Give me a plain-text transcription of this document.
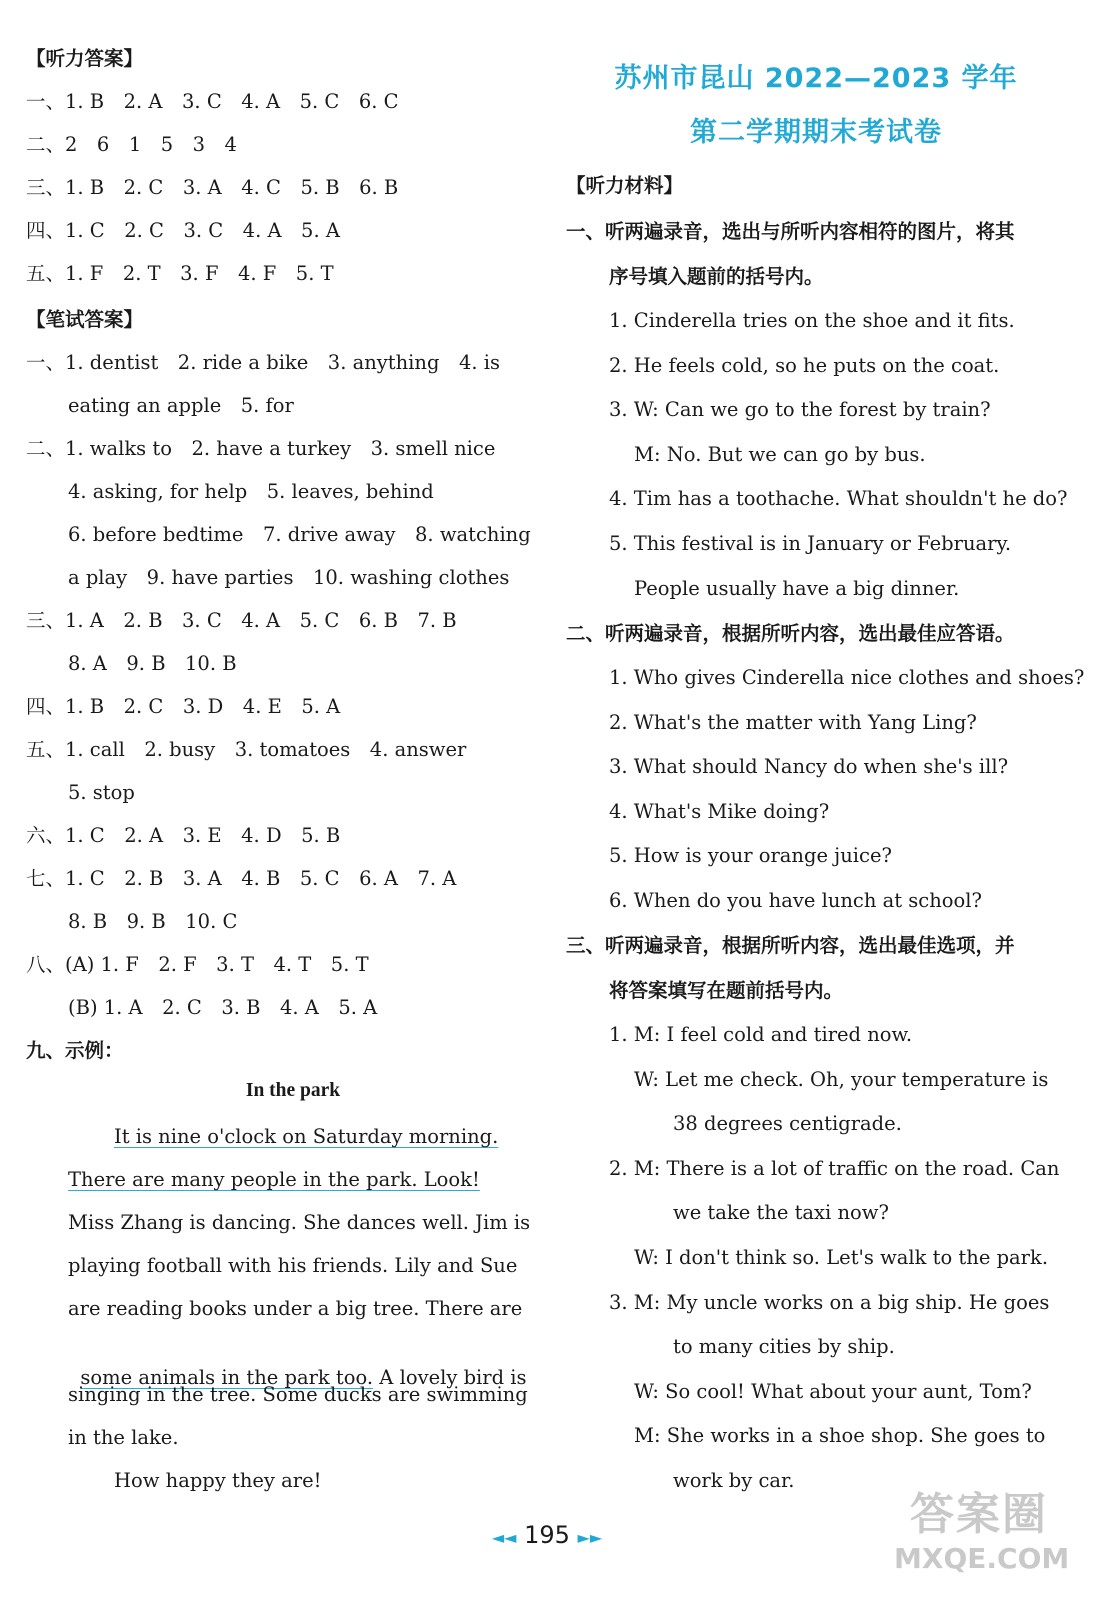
【听力答案】
一、1. B　2. A　3. C　4. A　5. C　6. C
二、2　6　1　5　3　4
三、1. B　2. C　3. A　4. C　5. B　6. B
四、1. C　2. C　3. C　4. A　5. A
五、1. F　2. T　3. F　4. F　5. T
【笔试答案】
一、1. dentist　2. ride a bike　3. anything　4. is
eating an apple　5. for
二、1. walks to　2. have a turkey　3. smell nice
4. asking, for help　5. leaves, behind
6. before bedtime　7. drive away　8. watching
a play　9. have parties　10. washing clothes
三、1. A　2. B　3. C　4. A　5. C　6. B　7. B
8. A　9. B　10. B
四、1. B　2. C　3. D　4. E　5. A
五、1. call　2. busy　3. tomatoes　4. answer
5. stop
六、1. C　2. A　3. E　4. D　5. B
七、1. C　2. B　3. A　4. B　5. C　6. A　7. A
8. B　9. B　10. C
八、(A) 1. F　2. F　3. T　4. T　5. T
(B) 1. A　2. C　3. B　4. A　5. A
九、示例：
In the park
It is nine o'clock on Saturday morning.
There are many people in the park. Look!
Miss Zhang is dancing. She dances well. Jim is
playing football with his friends. Lily and Sue
are reading books under a big tree. There are

some animals in the park too. A lovely bird is

singing in the tree. Some ducks are swimming
in the lake.
How happy they are!
苏州市昆山 2022—2023 学年
第二学期期末考试卷
【听力材料】
一、听两遍录音，选出与所听内容相符的图片，将其
序号填入题前的括号内。
1. Cinderella tries on the shoe and it fits.
2. He feels cold, so he puts on the coat.
3. W: Can we go to the forest by train?
M: No. But we can go by bus.
4. Tim has a toothache. What shouldn't he do?
5. This festival is in January or February.
People usually have a big dinner.
二、听两遍录音，根据所听内容，选出最佳应答语。
1. Who gives Cinderella nice clothes and shoes?
2. What's the matter with Yang Ling?
3. What should Nancy do when she's ill?
4. What's Mike doing?
5. How is your orange juice?
6. When do you have lunch at school?
三、听两遍录音，根据所听内容，选出最佳选项，并
将答案填写在题前括号内。
1. M: I feel cold and tired now.
W: Let me check. Oh, your temperature is
38 degrees centigrade.
2. M: There is a lot of traffic on the road. Can
we take the taxi now?
W: I don't think so. Let's walk to the park.
3. M: My uncle works on a big ship. He goes
to many cities by ship.
W: So cool! What about your aunt, Tom?
M: She works in a shoe shop. She goes to
work by car.
◄◄ 195 ►►	答案圈
MXQE.COM
